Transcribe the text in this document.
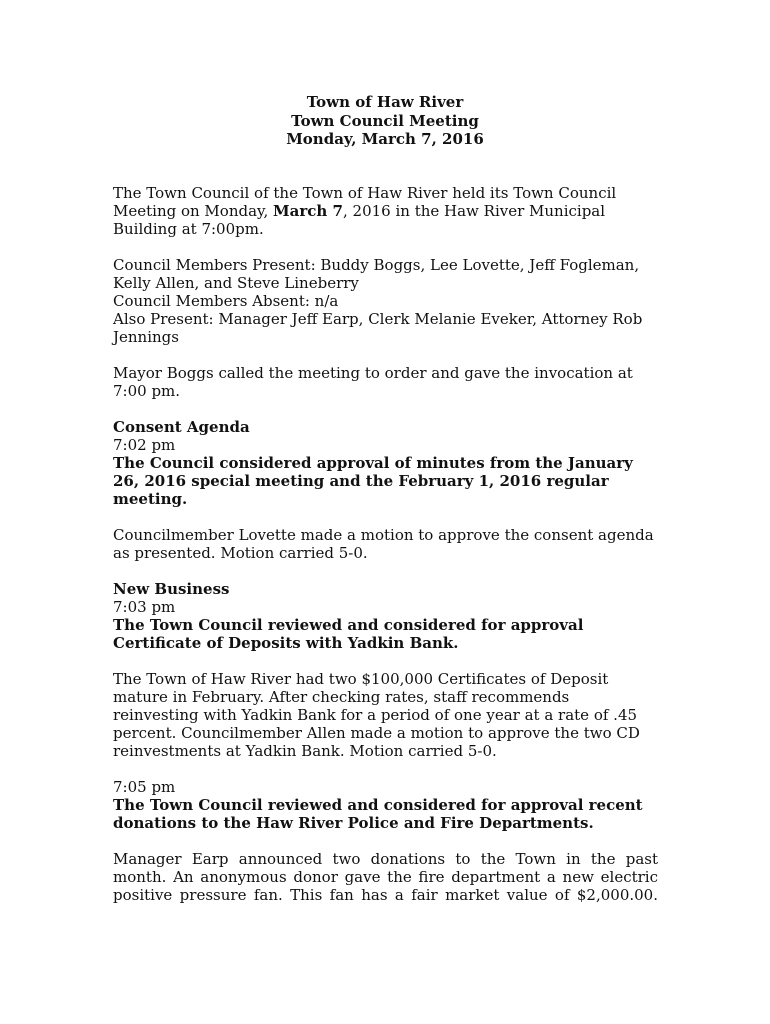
Town of Haw River
Town Council Meeting
Monday, March 7, 2016

The Town Council of the Town of Haw River held its Town Council Meeting on Monday, March 7, 2016 in the Haw River Municipal Building at 7:00pm.

Council Members Present: Buddy Boggs, Lee Lovette, Jeff Fogleman, Kelly Allen, and Steve Lineberry
Council Members Absent: n/a
Also Present: Manager Jeff Earp, Clerk Melanie Eveker, Attorney Rob Jennings

Mayor Boggs called the meeting to order and gave the invocation at 7:00 pm.

Consent Agenda
7:02 pm
The Council considered approval of minutes from the January 26, 2016 special meeting and the February 1, 2016 regular meeting.

Councilmember Lovette made a motion to approve the consent agenda as presented. Motion carried 5-0.

New Business
7:03 pm
The Town Council reviewed and considered for approval Certificate of Deposits with Yadkin Bank.

The Town of Haw River had two $100,000 Certificates of Deposit mature in February. After checking rates, staff recommends reinvesting with Yadkin Bank for a period of one year at a rate of .45 percent. Councilmember Allen made a motion to approve the two CD reinvestments at Yadkin Bank. Motion carried 5-0.

7:05 pm
The Town Council reviewed and considered for approval recent donations to the Haw River Police and Fire Departments.
Manager Earp announced two donations to the Town in the past
month. An anonymous donor gave the fire department a new electric
positive pressure fan. This fan has a fair market value of $2,000.00.
